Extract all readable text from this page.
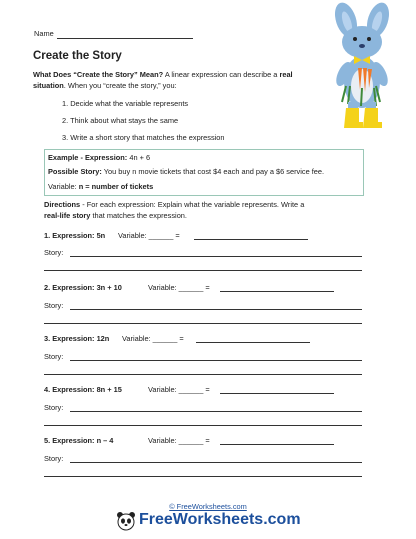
Name
Create the Story
What Does “Create the Story” Mean? A linear expression can describe a real
situation. When you “create the story,” you:
1. Decide what the variable represents
2. Think about what stays the same
3. Write a short story that matches the expression
Example - Expression: 4n + 6
Possible Story: You buy n movie tickets that cost $4 each and pay a $6 service fee.
Variable: n = number of tickets
Directions - For each expression: Explain what the variable represents. Write a
real-life story that matches the expression.
1. Expression: 5n Variable: ______ =
Story:
2. Expression: 3n + 10	Variable: ______ =
Story:
3. Expression: 12n Variable: ______ =
Story:
4. Expression: 8n + 15	Variable: ______ =
Story:
5. Expression: n – 4	Variable: ______ =
Story:
© FreeWorksheets.com
FreeWorksheets.com
